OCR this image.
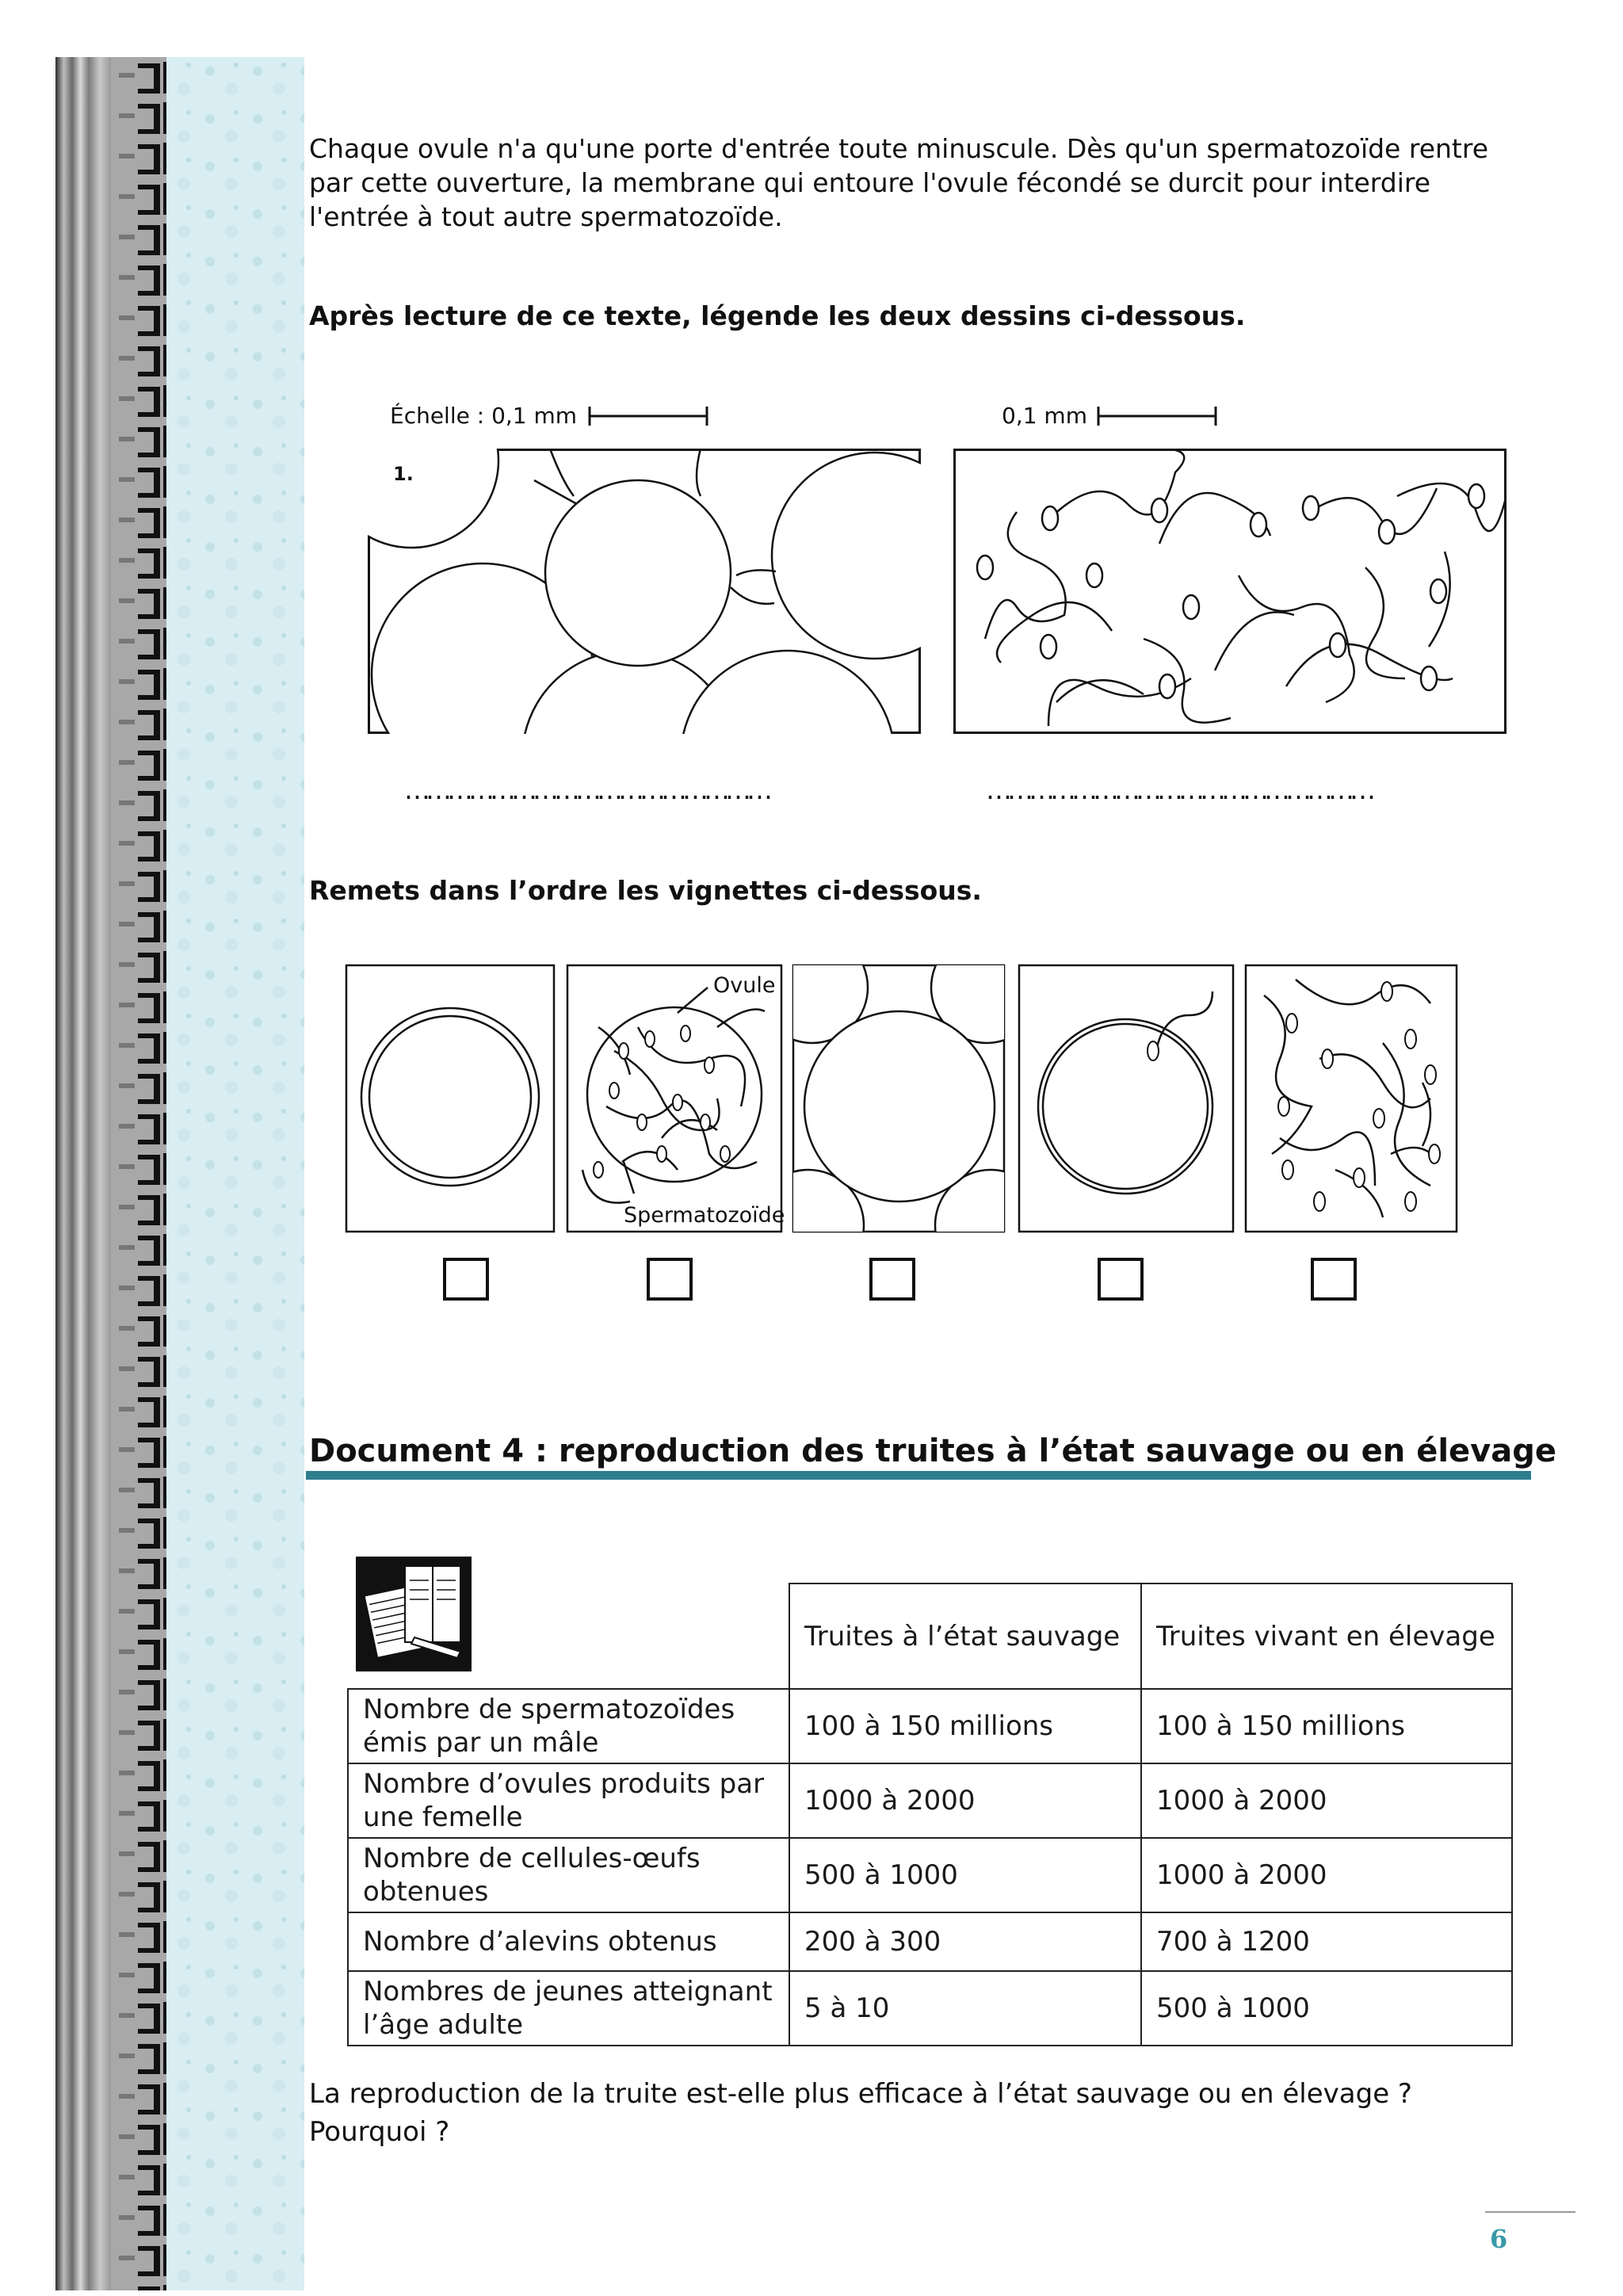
Chaque ovule n'a qu'une porte d'entrée toute minuscule. Dès qu'un spermatozoïde rentre
par cette ouverture, la membrane qui entoure l'ovule fécondé se durcit pour interdire
l'entrée à tout autre spermatozoïde.
Après lecture de ce texte, légende les deux dessins ci-dessous.
Échelle : 0,1 mm	0,1 mm
1.
……………………………………………	………………………………………………
Remets dans l’ordre les vignettes ci-dessous.
Ovule
Spermatozoïde
Document 4 : reproduction des truites à l’état sauvage ou en élevage
	Truites à l’état sauvage	Truites vivant en élevage
Nombre de spermatozoïdes émis par un mâle	100 à 150 millions	100 à 150 millions
Nombre d’ovules produits par une femelle	1000 à 2000	1000 à 2000
Nombre de cellules-œufs obtenues	500 à 1000	1000 à 2000
Nombre d’alevins obtenus	200 à 300	700 à 1200
Nombres de jeunes atteignant l’âge adulte	5 à 10	500 à 1000
La reproduction de la truite est-elle plus efficace à l’état sauvage ou en élevage ?
Pourquoi ?
6
